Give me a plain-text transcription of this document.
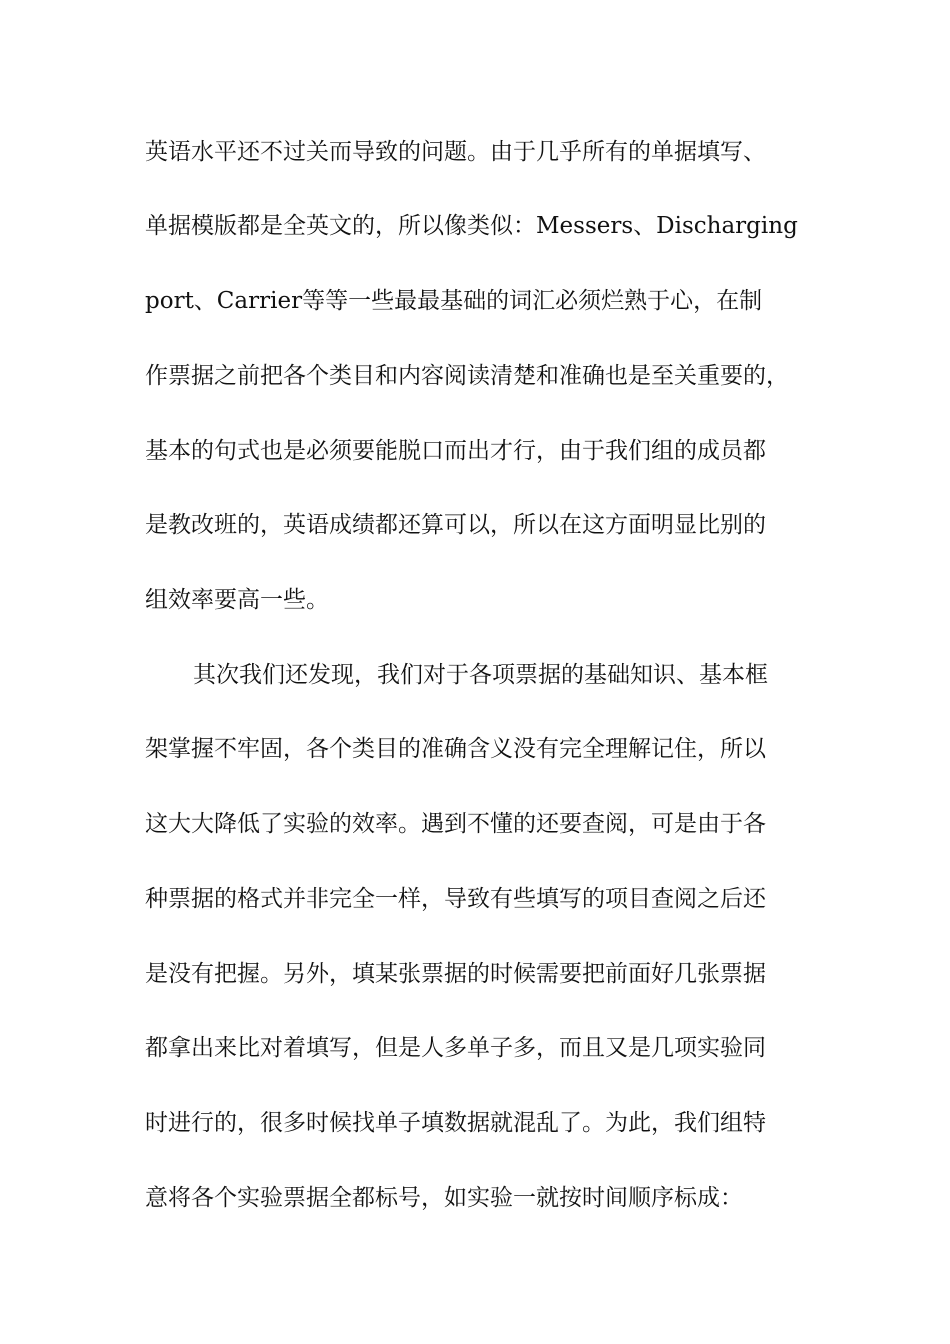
英语水平还不过关而导致的问题。由于几乎所有的单据填写、
单据模版都是全英文的，所以像类似：Messers、Discharging
port、Carrier等等一些最最基础的词汇必须烂熟于心，在制
作票据之前把各个类目和内容阅读清楚和准确也是至关重要的，
基本的句式也是必须要能脱口而出才行，由于我们组的成员都
是教改班的，英语成绩都还算可以，所以在这方面明显比别的
组效率要高一些。
其次我们还发现，我们对于各项票据的基础知识、基本框
架掌握不牢固，各个类目的准确含义没有完全理解记住，所以
这大大降低了实验的效率。遇到不懂的还要查阅，可是由于各
种票据的格式并非完全一样，导致有些填写的项目查阅之后还
是没有把握。另外，填某张票据的时候需要把前面好几张票据
都拿出来比对着填写，但是人多单子多，而且又是几项实验同
时进行的，很多时候找单子填数据就混乱了。为此，我们组特
意将各个实验票据全都标号，如实验一就按时间顺序标成：
